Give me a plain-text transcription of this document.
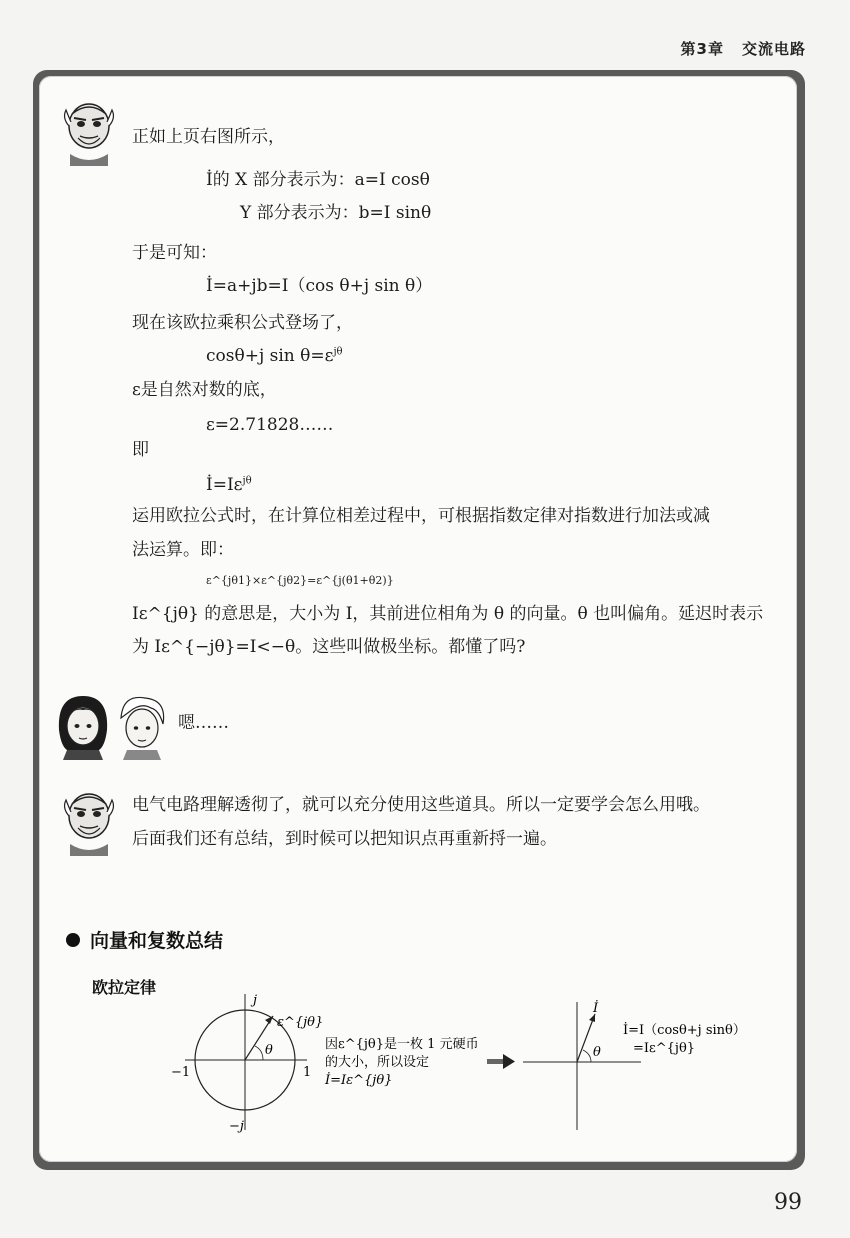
第3章 交流电路
正如上页右图所示，
İ的 X 部分表示为：a=I cosθ
Y 部分表示为：b=I sinθ
于是可知：
İ=a+jb=I（cos θ+j sin θ）
现在该欧拉乘积公式登场了，
cosθ+j $\sin \theta=\varepsilon^{j\theta}$
ε是自然对数的底，
ε=2.71828……
即
$İ=I\varepsilon^{j\theta}$
运用欧拉公式时，在计算位相差过程中，可根据指数定律对指数进行加法或减
法运算。即：
ε^{jθ1}×ε^{jθ2}=ε^{j(θ1+θ2)}
Iε^{jθ} 的意思是，大小为 I，其前进位相角为 θ 的向量。θ 也叫偏角。延迟时表示
为 Iε^{−jθ}=I<−θ。这些叫做极坐标。都懂了吗?
嗯……
电气电路理解透彻了，就可以充分使用这些道具。所以一定要学会怎么用哦。
后面我们还有总结，到时候可以把知识点再重新捋一遍。
向量和复数总结
欧拉定律
j
−j
1
−1
θ
ε^{jθ}
因ε^{jθ}是一枚 1 元硬币
的大小，所以设定
İ=Iε^{jθ}
İ
θ
İ=I（cosθ+j sinθ）
=Iε^{jθ}
99
